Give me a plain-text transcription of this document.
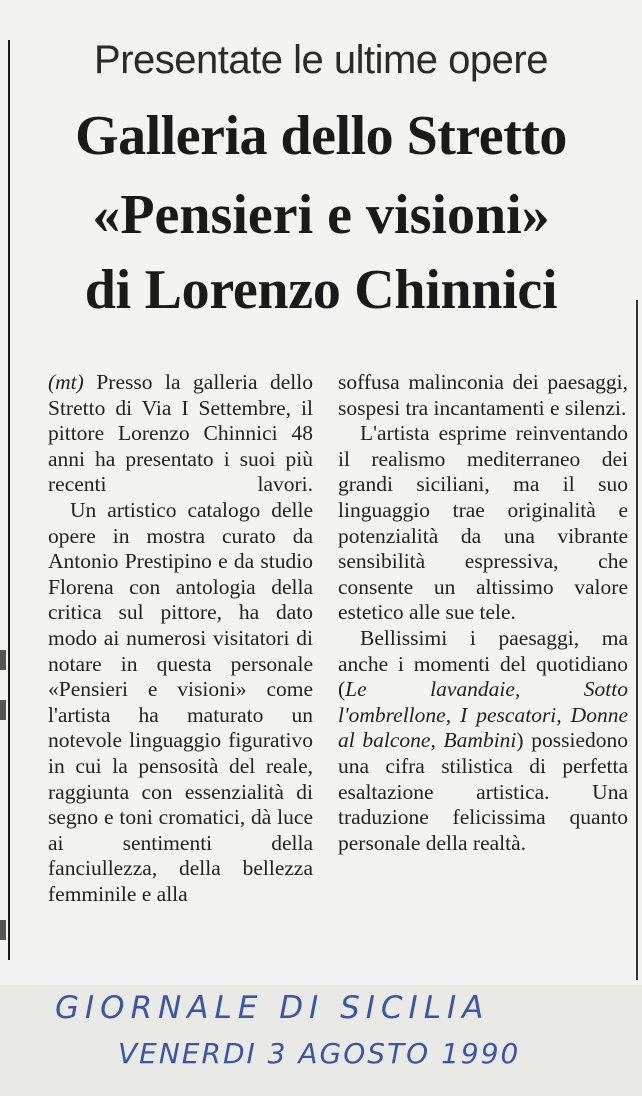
Presentate le ultime opere
Galleria dello Stretto
«Pensieri e visioni»
di Lorenzo Chinnici

(mt) Presso la galleria dello Stretto di Via I Settembre, il pittore Lorenzo Chinnici 48 anni ha presentato i suoi più recenti lavori.

Un artistico catalogo delle opere in mostra curato da Antonio Prestipino e da studio Florena con antologia della critica sul pittore, ha dato modo ai numerosi visitatori di notare in questa personale «Pensieri e visioni» come l'artista ha maturato un notevole linguaggio figurativo in cui la pensosità del reale, raggiunta con essenzialità di segno e toni cromatici, dà luce ai sentimenti della fanciullezza, della bellezza femminile e alla

soffusa malinconia dei paesaggi, sospesi tra incantamenti e silenzi.

L'artista esprime reinventando il realismo mediterraneo dei grandi siciliani, ma il suo linguaggio trae originalità e potenzialità da una vibrante sensibilità espressiva, che consente un altissimo valore estetico alle sue tele.

Bellissimi i paesaggi, ma anche i momenti del quotidiano (Le lavandaie, Sotto l'ombrellone, I pescatori, Donne al balcone, Bambini) possiedono una cifra stilistica di perfetta esaltazione artistica. Una traduzione felicissima quanto personale della realtà.

GIORNALE DI SICILIA
VENERDI 3 AGOSTO 1990
